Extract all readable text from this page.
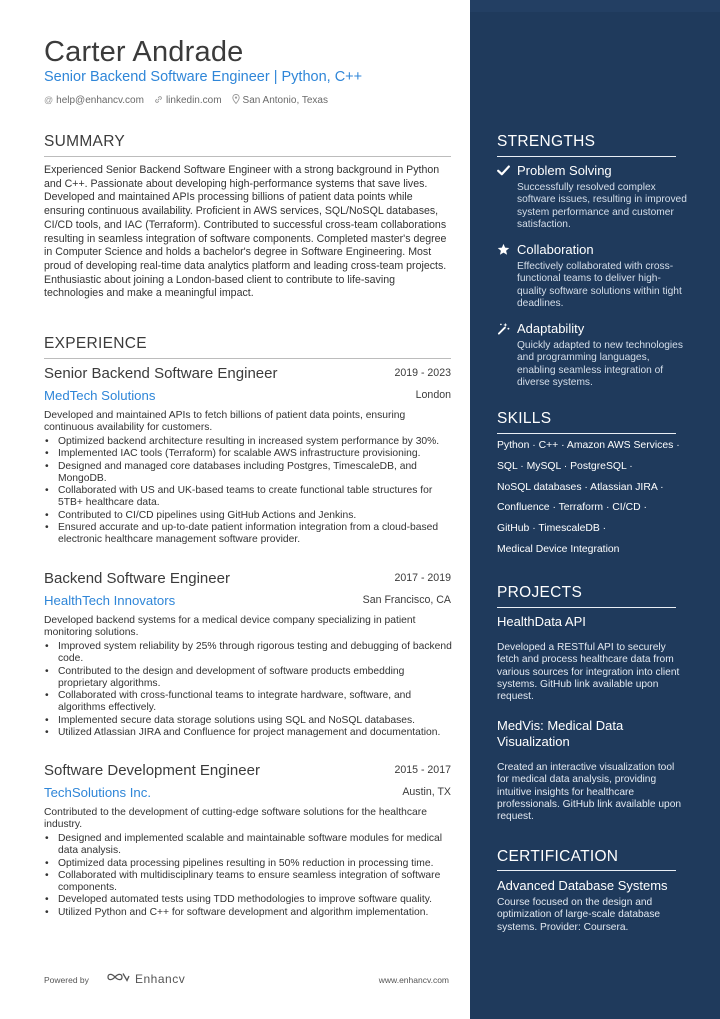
Carter Andrade
Senior Backend Software Engineer | Python, C++
@ help@enhancv.com linkedin.com San Antonio, Texas
SUMMARY
Experienced Senior Backend Software Engineer with a strong background in Python and C++. Passionate about developing high-performance systems that save lives. Developed and maintained APIs processing billions of patient data points while ensuring continuous availability. Proficient in AWS services, SQL/NoSQL databases, CI/CD tools, and IAC (Terraform). Contributed to successful cross-team collaborations resulting in seamless integration of software components. Completed master's degree in Computer Science and holds a bachelor's degree in Software Engineering. Most proud of developing real-time data analytics platform and leading cross-team projects. Enthusiastic about joining a London-based client to contribute to life-saving technologies and make a meaningful impact.
EXPERIENCE
Senior Backend Software Engineer	2019 - 2023
MedTech Solutions	London
Developed and maintained APIs to fetch billions of patient data points, ensuring continuous availability for customers.
• Optimized backend architecture resulting in increased system performance by 30%.
• Implemented IAC tools (Terraform) for scalable AWS infrastructure provisioning.
• Designed and managed core databases including Postgres, TimescaleDB, and MongoDB.
• Collaborated with US and UK-based teams to create functional table structures for 5TB+ healthcare data.
• Contributed to CI/CD pipelines using GitHub Actions and Jenkins.
• Ensured accurate and up-to-date patient information integration from a cloud-based electronic healthcare management software provider.
Backend Software Engineer	2017 - 2019
HealthTech Innovators	San Francisco, CA
Developed backend systems for a medical device company specializing in patient monitoring solutions.
• Improved system reliability by 25% through rigorous testing and debugging of backend code.
• Contributed to the design and development of software products embedding proprietary algorithms.
• Collaborated with cross-functional teams to integrate hardware, software, and algorithms effectively.
• Implemented secure data storage solutions using SQL and NoSQL databases.
• Utilized Atlassian JIRA and Confluence for project management and documentation.
Software Development Engineer	2015 - 2017
TechSolutions Inc.	Austin, TX
Contributed to the development of cutting-edge software solutions for the healthcare industry.
• Designed and implemented scalable and maintainable software modules for medical data analysis.
• Optimized data processing pipelines resulting in 50% reduction in processing time.
• Collaborated with multidisciplinary teams to ensure seamless integration of software components.
• Developed automated tests using TDD methodologies to improve software quality.
• Utilized Python and C++ for software development and algorithm implementation.
Powered by	Enhancv	www.enhancv.com
STRENGTHS
Problem Solving
Successfully resolved complex software issues, resulting in improved system performance and customer satisfaction.
Collaboration
Effectively collaborated with cross-functional teams to deliver high-quality software solutions within tight deadlines.
Adaptability
Quickly adapted to new technologies and programming languages, enabling seamless integration of diverse systems.
SKILLS
Python · C++ · Amazon AWS Services ·
SQL · MySQL · PostgreSQL ·
NoSQL databases · Atlassian JIRA ·
Confluence · Terraform · CI/CD ·
GitHub · TimescaleDB ·
Medical Device Integration
PROJECTS
HealthData API
Developed a RESTful API to securely fetch and process healthcare data from various sources for integration into client systems. GitHub link available upon request.
MedVis: Medical Data Visualization
Created an interactive visualization tool for medical data analysis, providing intuitive insights for healthcare professionals. GitHub link available upon request.
CERTIFICATION
Advanced Database Systems
Course focused on the design and optimization of large-scale database systems. Provider: Coursera.
